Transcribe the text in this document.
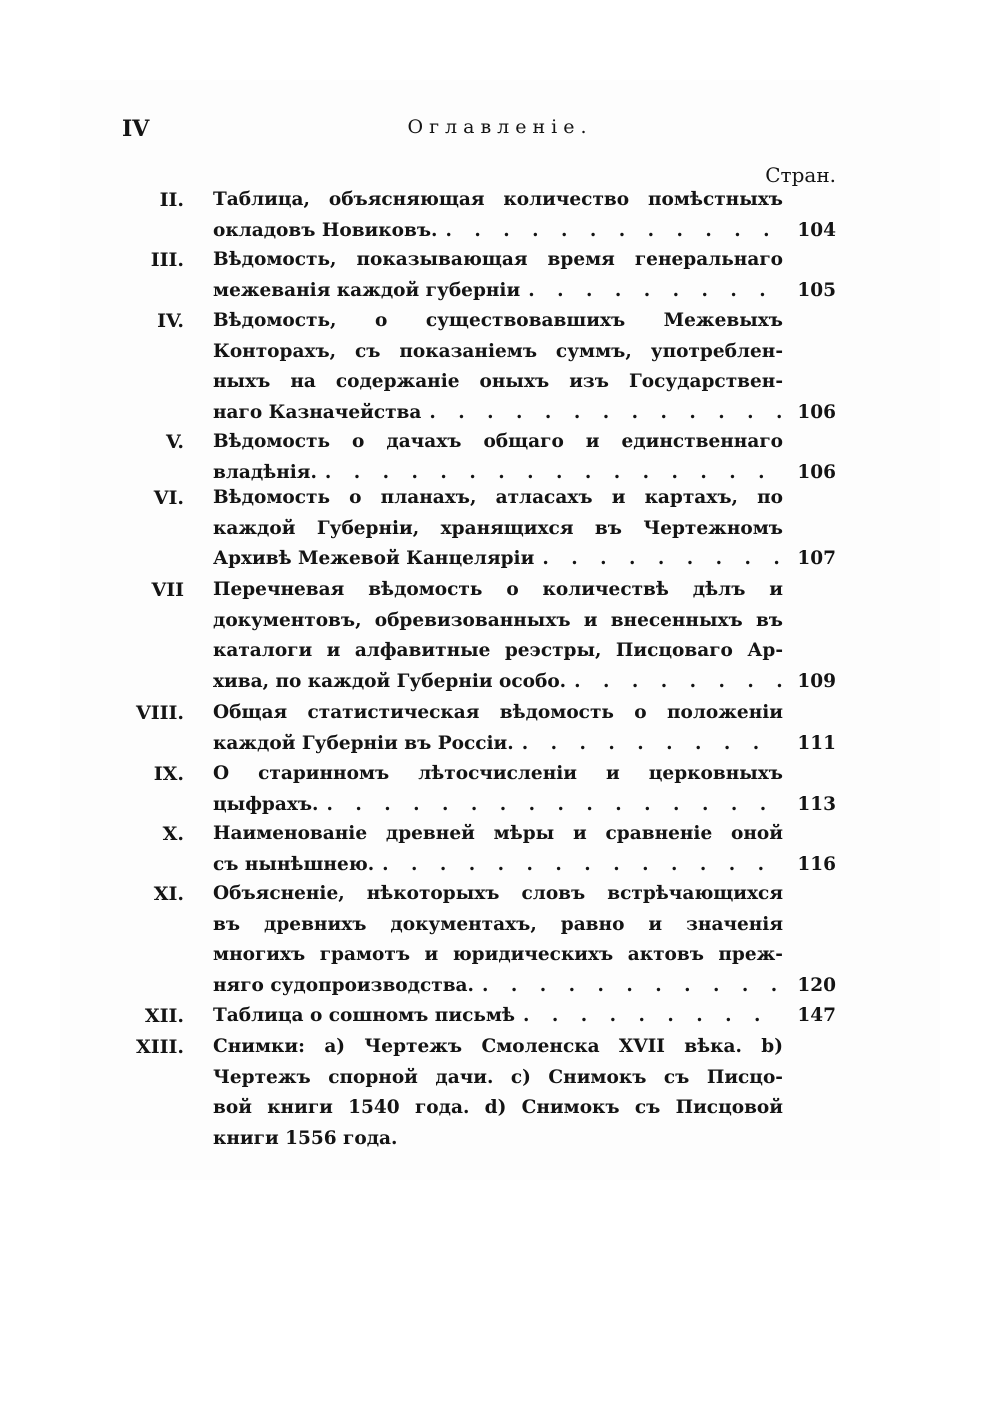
IV	Оглавленіе.
Стран.
II. Таблица, объясняющая количество помѣстныхъ
окладовъ Новиковъ. . . .	104
III. Вѣдомость, показывающая время генеральнаго
межеванія каждой губерніи . . .	105
IV. Вѣдомость, о существовавшихъ Межевыхъ
Конторахъ, съ показаніемъ суммъ, употреблен-
ныхъ на содержаніе оныхъ изъ Государствен-
наго Казначейства . . .	106
V. Вѣдомость о дачахъ общаго и единственнаго
владѣнія. . . .	106
VI. Вѣдомость о планахъ, атласахъ и картахъ, по
каждой Губерніи, хранящихся въ Чертежномъ
Архивѣ Межевой Канцеляріи . . .	107
VII Перечневая вѣдомость о количествѣ дѣлъ и
документовъ, обревизованныхъ и внесенныхъ въ
каталоги и алфавитные реэстры, Писцоваго Ар-
хива, по каждой Губерніи особо. . . .	109
VIII. Общая статистическая вѣдомость о положеніи
каждой Губерніи въ Россіи. . . .	111
IX. О старинномъ лѣтосчисленіи и церковныхъ
цыфрахъ. . . .	113
X. Наименованіе древней мѣры и сравненіе оной
съ нынѣшнею. . . .	116
XI. Объясненіе, нѣкоторыхъ словъ встрѣчающихся
въ древнихъ документахъ, равно и значенія
многихъ грамотъ и юридическихъ актовъ преж-
няго судопроизводства. . . .	120
XII. Таблица о сошномъ письмѣ . . .	147
XIII. Снимки: a) Чертежъ Смоленска XVII вѣка. b)
Чертежъ спорной дачи. c) Снимокъ съ Писцо-
вой книги 1540 года. d) Снимокъ съ Писцовой
книги 1556 года.
